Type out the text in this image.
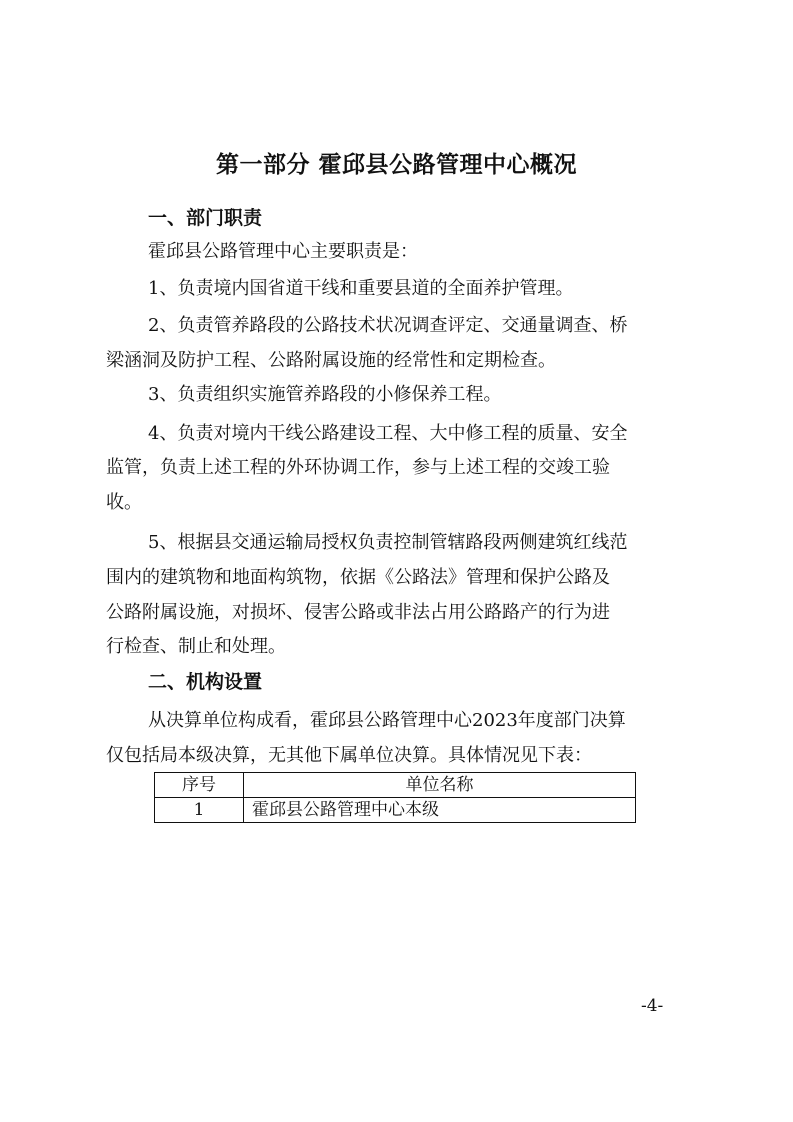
第一部分 霍邱县公路管理中心概况
一、部门职责
霍邱县公路管理中心主要职责是：
1、负责境内国省道干线和重要县道的全面养护管理。
2、负责管养路段的公路技术状况调查评定、交通量调查、桥
梁涵洞及防护工程、公路附属设施的经常性和定期检查。
3、负责组织实施管养路段的小修保养工程。
4、负责对境内干线公路建设工程、大中修工程的质量、安全
监管，负责上述工程的外环协调工作，参与上述工程的交竣工验
收。
5、根据县交通运输局授权负责控制管辖路段两侧建筑红线范
围内的建筑物和地面构筑物，依据《公路法》管理和保护公路及
公路附属设施，对损坏、侵害公路或非法占用公路路产的行为进
行检查、制止和处理。
二、机构设置
从决算单位构成看，霍邱县公路管理中心2023年度部门决算
仅包括局本级决算，无其他下属单位决算。具体情况见下表：
序号	单位名称
1	霍邱县公路管理中心本级
-4-
